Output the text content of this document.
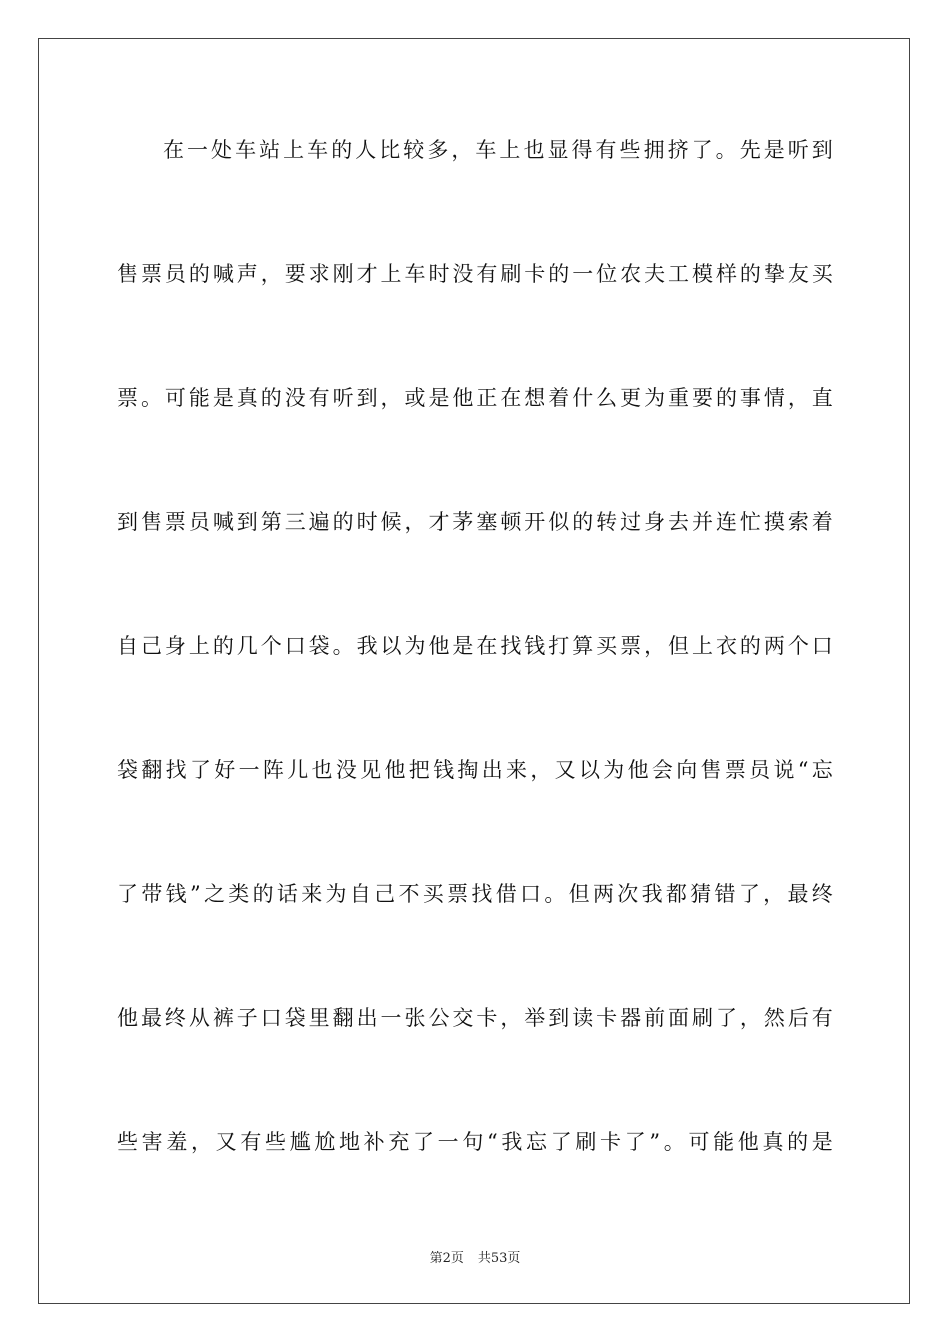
在一处车站上车的人比较多，车上也显得有些拥挤了。先是听到
售票员的喊声，要求刚才上车时没有刷卡的一位农夫工模样的挚友买
票。可能是真的没有听到，或是他正在想着什么更为重要的事情，直
到售票员喊到第三遍的时候，才茅塞顿开似的转过身去并连忙摸索着
自己身上的几个口袋。我以为他是在找钱打算买票，但上衣的两个口
袋翻找了好一阵儿也没见他把钱掏出来，又以为他会向售票员说“忘
了带钱”之类的话来为自己不买票找借口。但两次我都猜错了，最终
他最终从裤子口袋里翻出一张公交卡，举到读卡器前面刷了，然后有
些害羞，又有些尴尬地补充了一句“我忘了刷卡了”。可能他真的是
第2页 共53页
